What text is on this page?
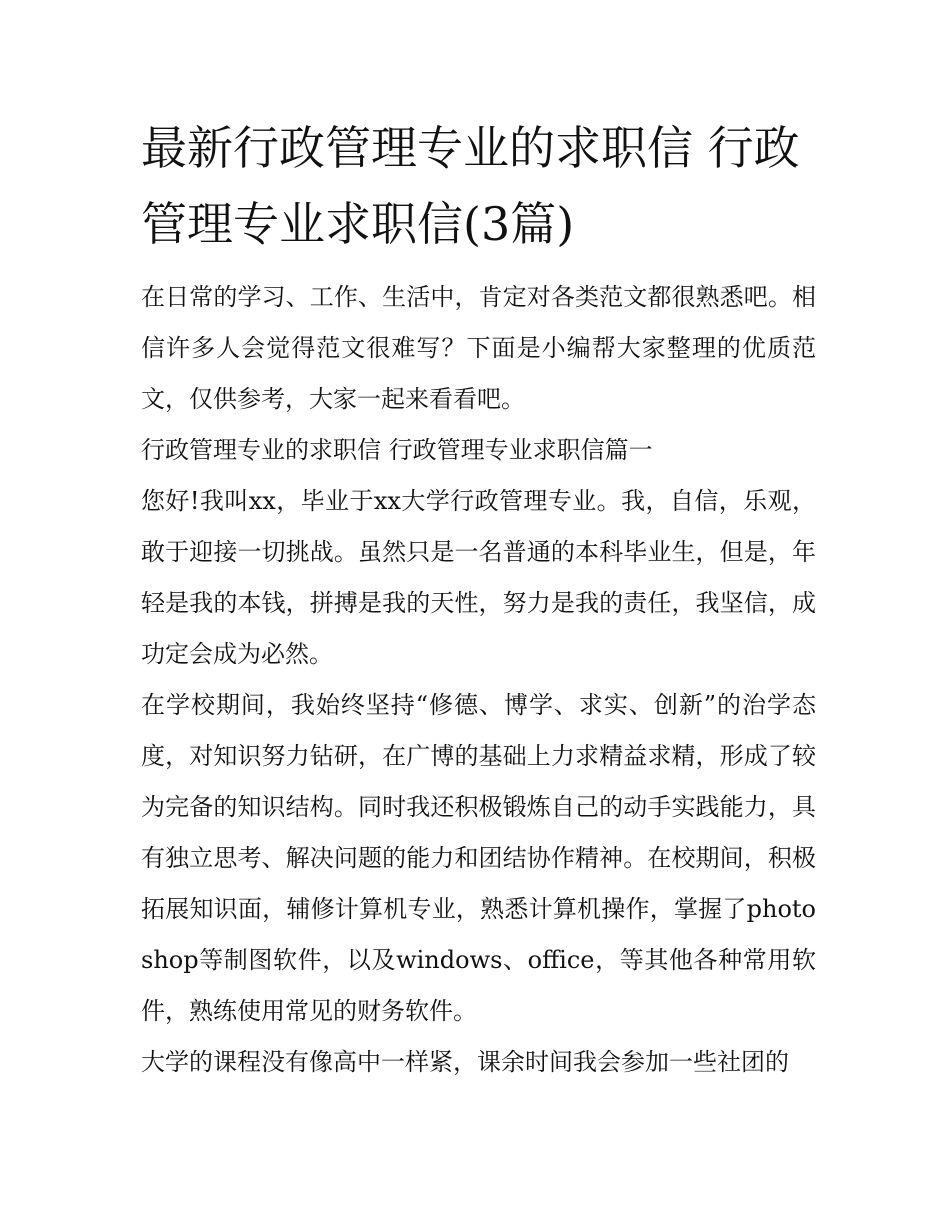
最新行政管理专业的求职信 行政管理专业求职信(3篇)

在日常的学习、工作、生活中，肯定对各类范文都很熟悉吧。相信许多人会觉得范文很难写？下面是小编帮大家整理的优质范文，仅供参考，大家一起来看看吧。

行政管理专业的求职信 行政管理专业求职信篇一

您好!我叫xx，毕业于xx大学行政管理专业。我，自信，乐观，敢于迎接一切挑战。虽然只是一名普通的本科毕业生，但是，年轻是我的本钱，拼搏是我的天性，努力是我的责任，我坚信，成功定会成为必然。

在学校期间，我始终坚持“修德、博学、求实、创新”的治学态度，对知识努力钻研，在广博的基础上力求精益求精，形成了较为完备的知识结构。同时我还积极锻炼自己的动手实践能力，具有独立思考、解决问题的能力和团结协作精神。在校期间，积极拓展知识面，辅修计算机专业，熟悉计算机操作，掌握了photoshop等制图软件，以及windows、office，等其他各种常用软件，熟练使用常见的财务软件。

大学的课程没有像高中一样紧，课余时间我会参加一些社团的
